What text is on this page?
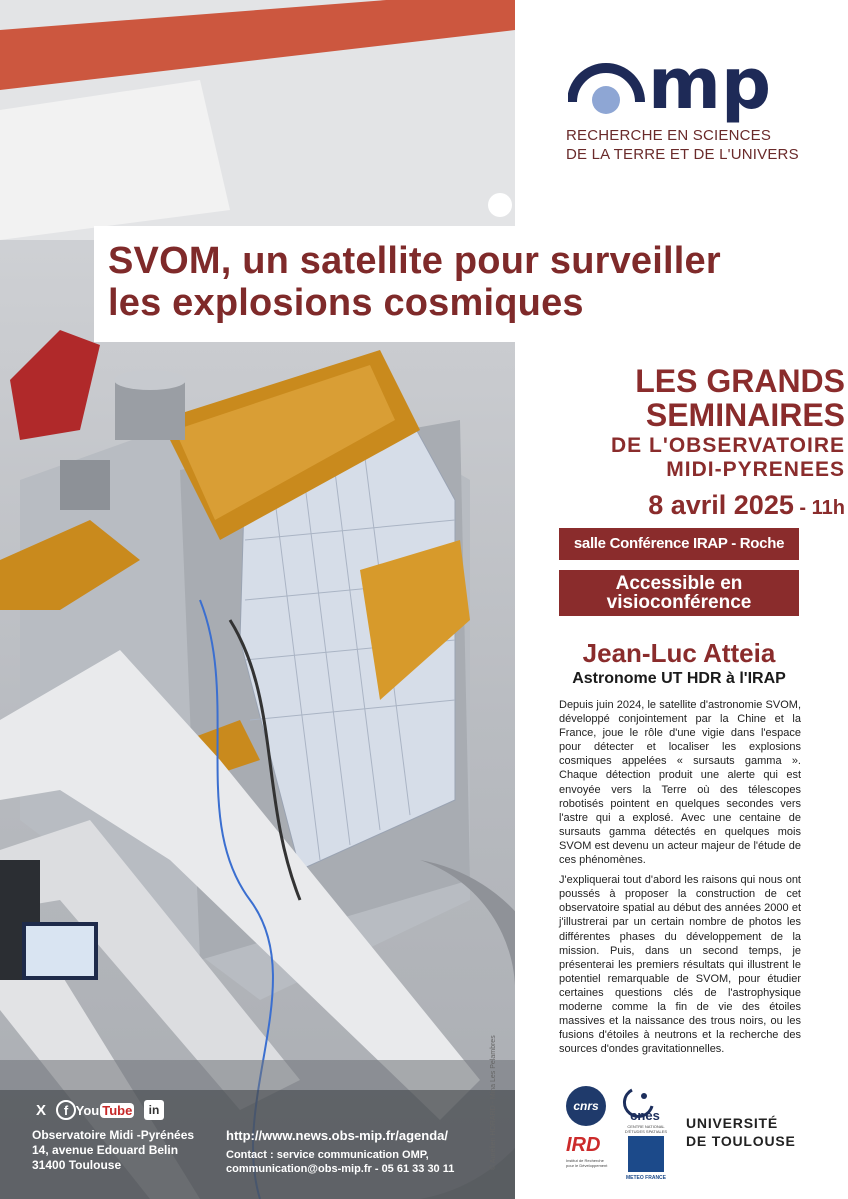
mp
RECHERCHE EN SCIENCES
DE LA TERRE ET DE L'UNIVERS
SVOM, un satellite pour surveiller
les explosions cosmiques
LES GRANDS
SEMINAIRES
DE L'OBSERVATOIRE
MIDI-PYRENEES
8 avril 2025 - 11h
salle Conférence IRAP - Roche
Accessible en
visioconférence
Jean-Luc Atteia
Astronome UT HDR à l'IRAP

Depuis juin 2024, le satellite d'astronomie SVOM, développé conjointement par la Chine et la France, joue le rôle d'une vigie dans l'espace pour détecter et localiser les explosions cosmiques appelées « sursauts gamma ». Chaque détection produit une alerte qui est envoyée vers la Terre où des télescopes robotisés pointent en quelques secondes vers l'astre qui a explosé. Avec une centaine de sursauts gamma détectés en quelques mois SVOM est devenu un acteur majeur de l'étude de ces phénomènes.

J'expliquerai tout d'abord les raisons qui nous ont poussés à proposer la construction de cet observatoire spatial au début des années 2000 et j'illustrerai par un certain nombre de photos les différentes phases du développement de la mission. Puis, dans un second temps, je présenterai les premiers résultats qui illustrent le potentiel remarquable de SVOM, pour étudier certaines questions clés de l'astrophysique moderne comme la fin de vie des étoiles massives et la naissance des trous noirs, ou les fusions d'étoiles à neutrons et la recherche des sources d'ondes gravitationnelles.

cnrs
cnes
CENTRE NATIONAL D'ÉTUDES SPATIALES
IRD
Institut de Recherche pour le Développement
METEO FRANCE
UNIVERSITÉ
DE TOULOUSE
X	f You Tube	in
Observatoire Midi -Pyrénées
14, avenue Edouard Belin
31400 Toulouse
http://www.news.obs-mip.fr/agenda/
Contact : service communication OMP,
communication@obs-mip.fr - 05 61 33 30 11	© Aurélien HORARD - Mina Les Pelambres
